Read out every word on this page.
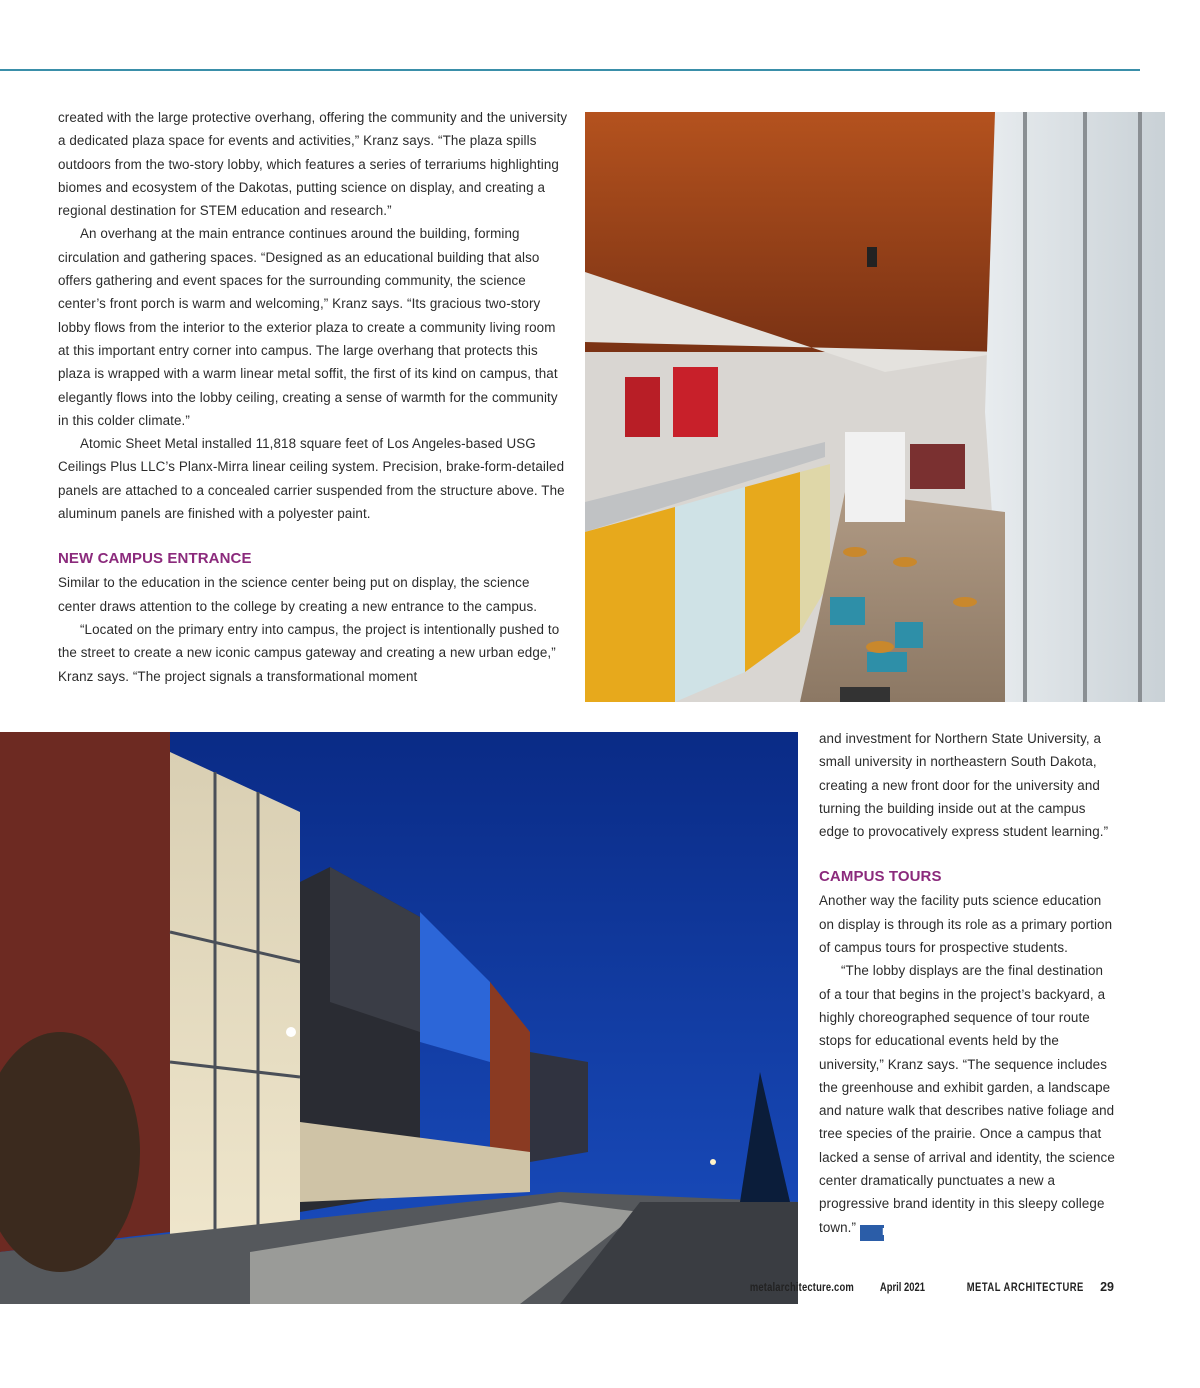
created with the large protective overhang, offering the community and the university a dedicated plaza space for events and activities,” Kranz says. “The plaza spills outdoors from the two-story lobby, which features a series of terrariums highlighting biomes and ecosystem of the Dakotas, putting science on display, and creating a regional destination for STEM education and research.”

An overhang at the main entrance continues around the building, forming circulation and gathering spaces. “Designed as an educational building that also offers gathering and event spaces for the surrounding community, the science center’s front porch is warm and welcoming,” Kranz says. “Its gracious two-story lobby flows from the interior to the exterior plaza to create a community living room at this important entry corner into campus. The large overhang that protects this plaza is wrapped with a warm linear metal soffit, the first of its kind on campus, that elegantly flows into the lobby ceiling, creating a sense of warmth for the community in this colder climate.”

Atomic Sheet Metal installed 11,818 square feet of Los Angeles-based USG Ceilings Plus LLC’s Planx-Mirra linear ceiling system. Precision, brake-form-detailed panels are attached to a concealed carrier suspended from the structure above. The aluminum panels are finished with a polyester paint.

NEW CAMPUS ENTRANCE

Similar to the education in the science center being put on display, the science center draws attention to the college by creating a new entrance to the campus.

“Located on the primary entry into campus, the project is intentionally pushed to the street to create a new iconic campus gateway and creating a new urban edge,” Kranz says. “The project signals a transformational moment

and investment for Northern State University, a small university in northeastern South Dakota, creating a new front door for the university and turning the building inside out at the campus edge to provocatively express student learning.”

CAMPUS TOURS

Another way the facility puts science education on display is through its role as a primary portion of campus tours for prospective students.

“The lobby displays are the final destination of a tour that begins in the project’s backyard, a highly choreographed sequence of tour route stops for educational events held by the university,” Kranz says. “The sequence includes the greenhouse and exhibit garden, a landscape and nature walk that describes native foliage and tree species of the prairie. Once a campus that lacked a sense of arrival and identity, the science center dramatically punctuates a new a progressive brand identity in this sleepy college town.”	Ma

metalarchitecture.com April 2021	METAL ARCHITECTURE 29
